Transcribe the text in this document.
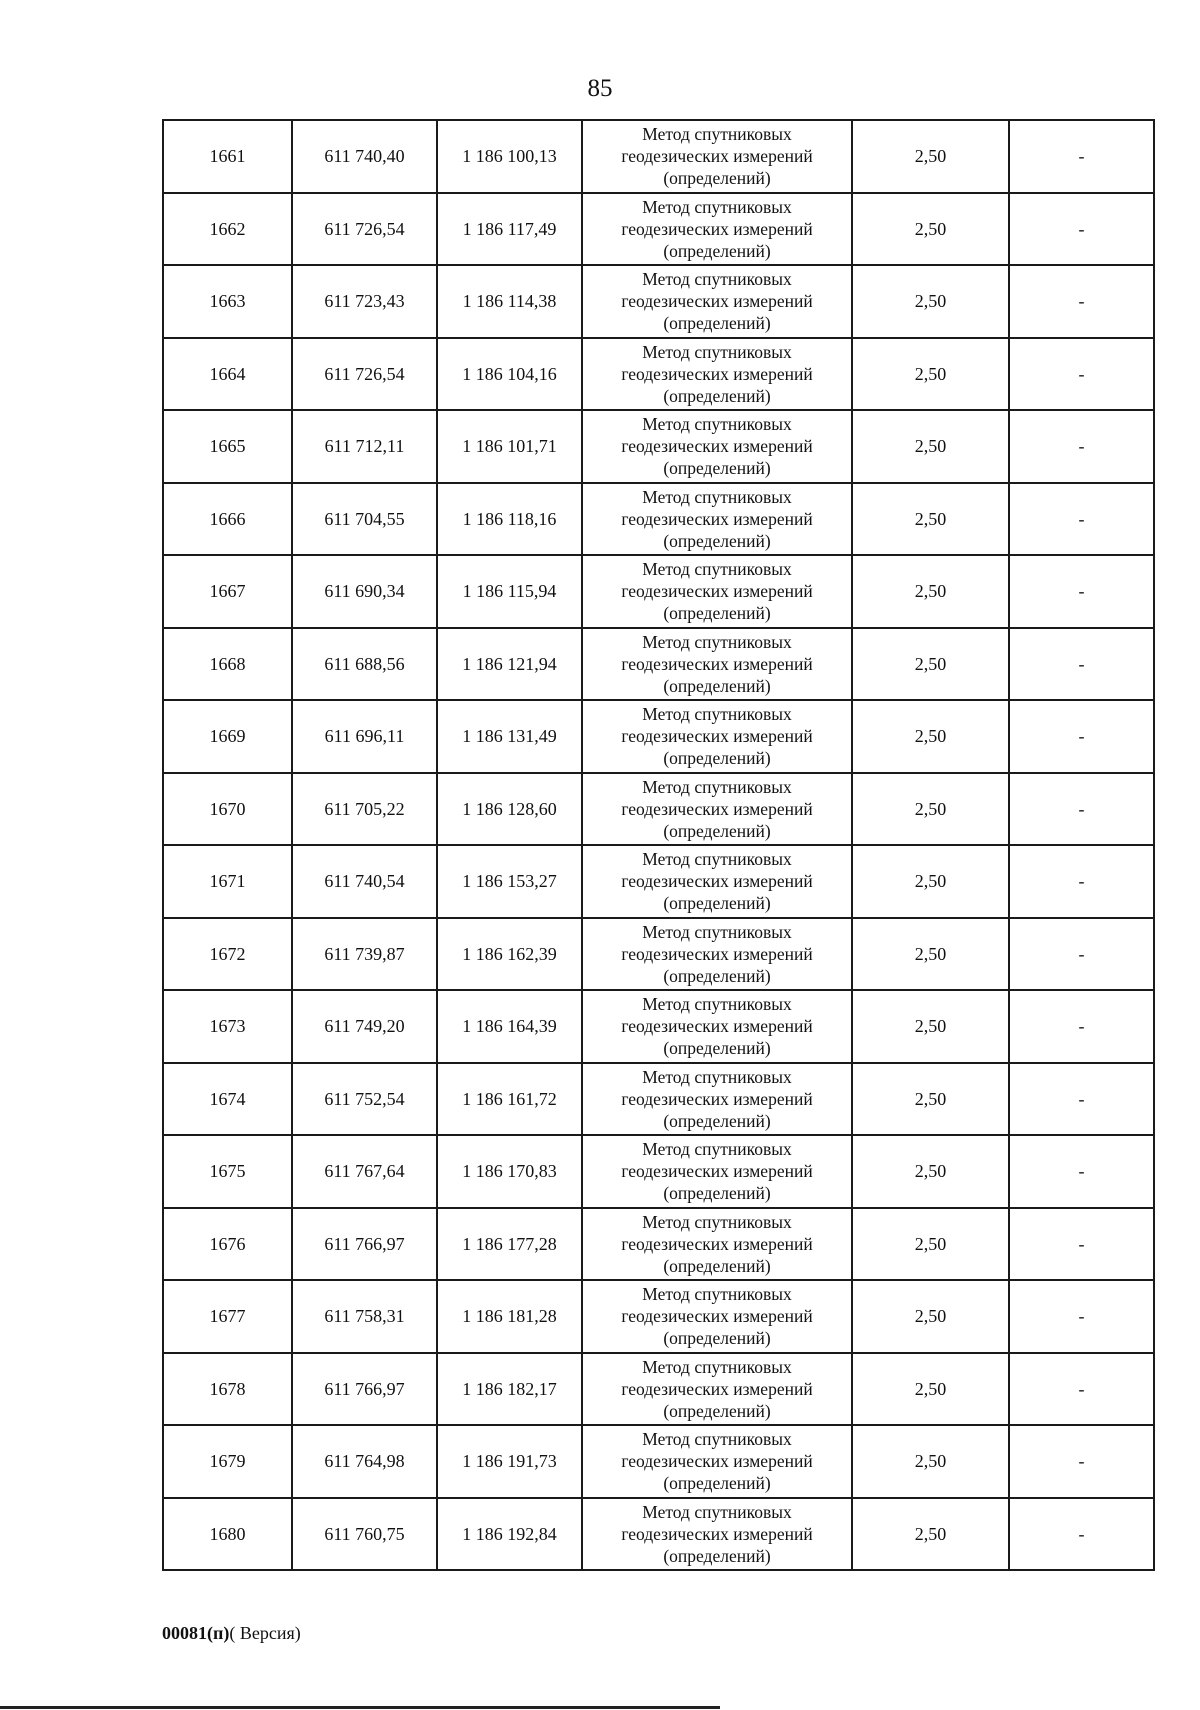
85
1661	611 740,40	1 186 100,13	Метод спутниковых
геодезических измерений
(определений)	2,50	-
1662	611 726,54	1 186 117,49	Метод спутниковых
геодезических измерений
(определений)	2,50	-
1663	611 723,43	1 186 114,38	Метод спутниковых
геодезических измерений
(определений)	2,50	-
1664	611 726,54	1 186 104,16	Метод спутниковых
геодезических измерений
(определений)	2,50	-
1665	611 712,11	1 186 101,71	Метод спутниковых
геодезических измерений
(определений)	2,50	-
1666	611 704,55	1 186 118,16	Метод спутниковых
геодезических измерений
(определений)	2,50	-
1667	611 690,34	1 186 115,94	Метод спутниковых
геодезических измерений
(определений)	2,50	-
1668	611 688,56	1 186 121,94	Метод спутниковых
геодезических измерений
(определений)	2,50	-
1669	611 696,11	1 186 131,49	Метод спутниковых
геодезических измерений
(определений)	2,50	-
1670	611 705,22	1 186 128,60	Метод спутниковых
геодезических измерений
(определений)	2,50	-
1671	611 740,54	1 186 153,27	Метод спутниковых
геодезических измерений
(определений)	2,50	-
1672	611 739,87	1 186 162,39	Метод спутниковых
геодезических измерений
(определений)	2,50	-
1673	611 749,20	1 186 164,39	Метод спутниковых
геодезических измерений
(определений)	2,50	-
1674	611 752,54	1 186 161,72	Метод спутниковых
геодезических измерений
(определений)	2,50	-
1675	611 767,64	1 186 170,83	Метод спутниковых
геодезических измерений
(определений)	2,50	-
1676	611 766,97	1 186 177,28	Метод спутниковых
геодезических измерений
(определений)	2,50	-
1677	611 758,31	1 186 181,28	Метод спутниковых
геодезических измерений
(определений)	2,50	-
1678	611 766,97	1 186 182,17	Метод спутниковых
геодезических измерений
(определений)	2,50	-
1679	611 764,98	1 186 191,73	Метод спутниковых
геодезических измерений
(определений)	2,50	-
1680	611 760,75	1 186 192,84	Метод спутниковых
геодезических измерений
(определений)	2,50	-
00081(п)( Версия)
